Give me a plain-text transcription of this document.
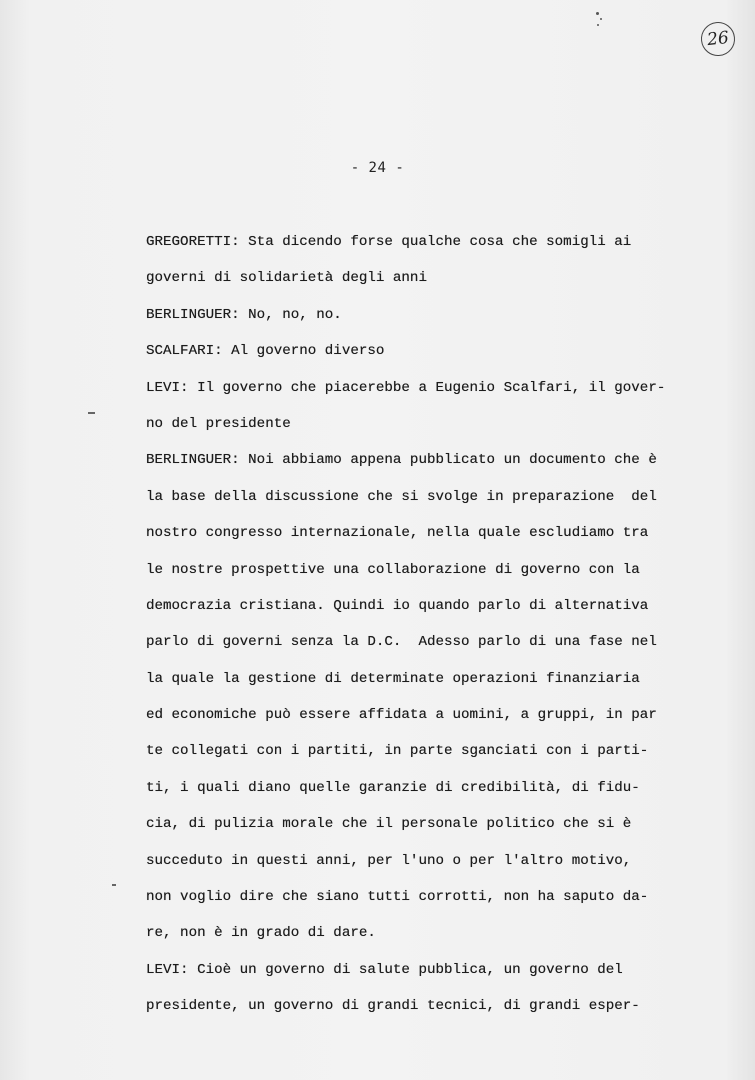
26
- 24 -
GREGORETTI: Sta dicendo forse qualche cosa che somigli ai
governi di solidarietà degli anni
BERLINGUER: No, no, no.
SCALFARI: Al governo diverso
LEVI: Il governo che piacerebbe a Eugenio Scalfari, il gover-
no del presidente
BERLINGUER: Noi abbiamo appena pubblicato un documento che è
la base della discussione che si svolge in preparazione  del
nostro congresso internazionale, nella quale escludiamo tra
le nostre prospettive una collaborazione di governo con la
democrazia cristiana. Quindi io quando parlo di alternativa
parlo di governi senza la D.C.  Adesso parlo di una fase nel
la quale la gestione di determinate operazioni finanziaria
ed economiche può essere affidata a uomini, a gruppi, in par
te collegati con i partiti, in parte sganciati con i parti-
ti, i quali diano quelle garanzie di credibilità, di fidu-
cia, di pulizia morale che il personale politico che si è
succeduto in questi anni, per l'uno o per l'altro motivo,
non voglio dire che siano tutti corrotti, non ha saputo da-
re, non è in grado di dare.
LEVI: Cioè un governo di salute pubblica, un governo del
presidente, un governo di grandi tecnici, di grandi esper-
